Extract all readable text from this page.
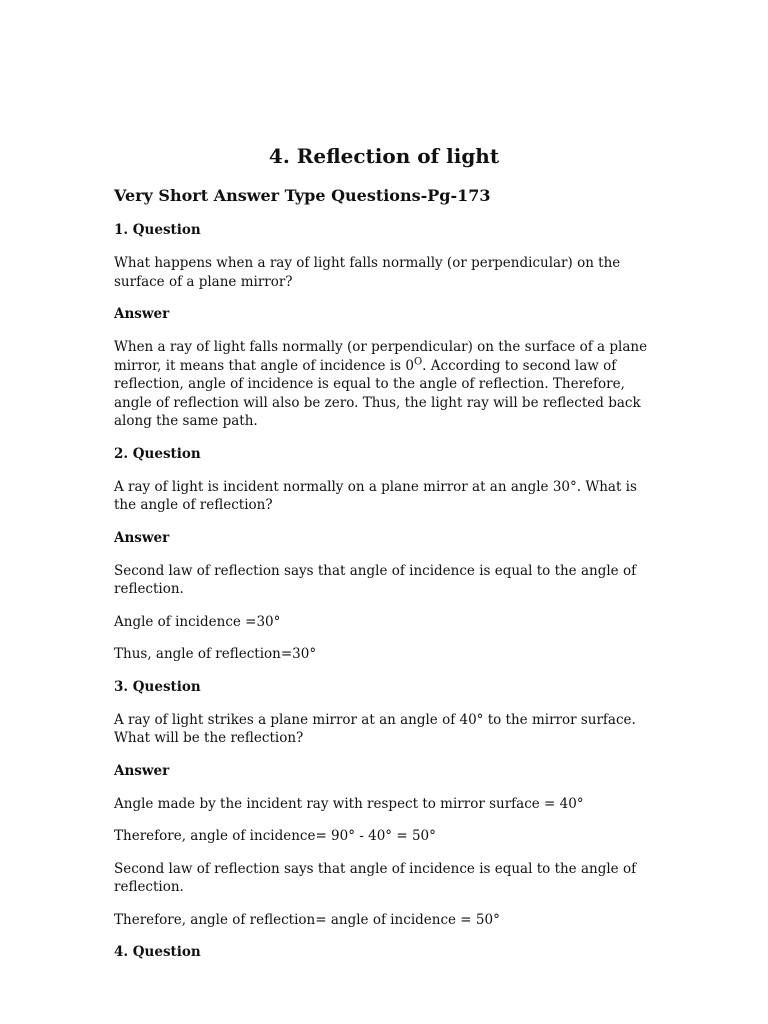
4. Reflection of light
Very Short Answer Type Questions-Pg-173
1. Question
What happens when a ray of light falls normally (or perpendicular) on the surface of a plane mirror?
Answer
When a ray of light falls normally (or perpendicular) on the surface of a plane mirror, it means that angle of incidence is $0^O$. According to second law of reflection, angle of incidence is equal to the angle of reflection. Therefore, angle of reflection will also be zero. Thus, the light ray will be reflected back along the same path.
2. Question
A ray of light is incident normally on a plane mirror at an angle 30°. What is the angle of reflection?
Answer
Second law of reflection says that angle of incidence is equal to the angle of reflection.
Angle of incidence =30°
Thus, angle of reflection=30°
3. Question
A ray of light strikes a plane mirror at an angle of 40° to the mirror surface. What will be the reflection?
Answer
Angle made by the incident ray with respect to mirror surface = 40°
Therefore, angle of incidence= 90° - 40° = 50°
Second law of reflection says that angle of incidence is equal to the angle of reflection.
Therefore, angle of reflection= angle of incidence = 50°
4. Question
